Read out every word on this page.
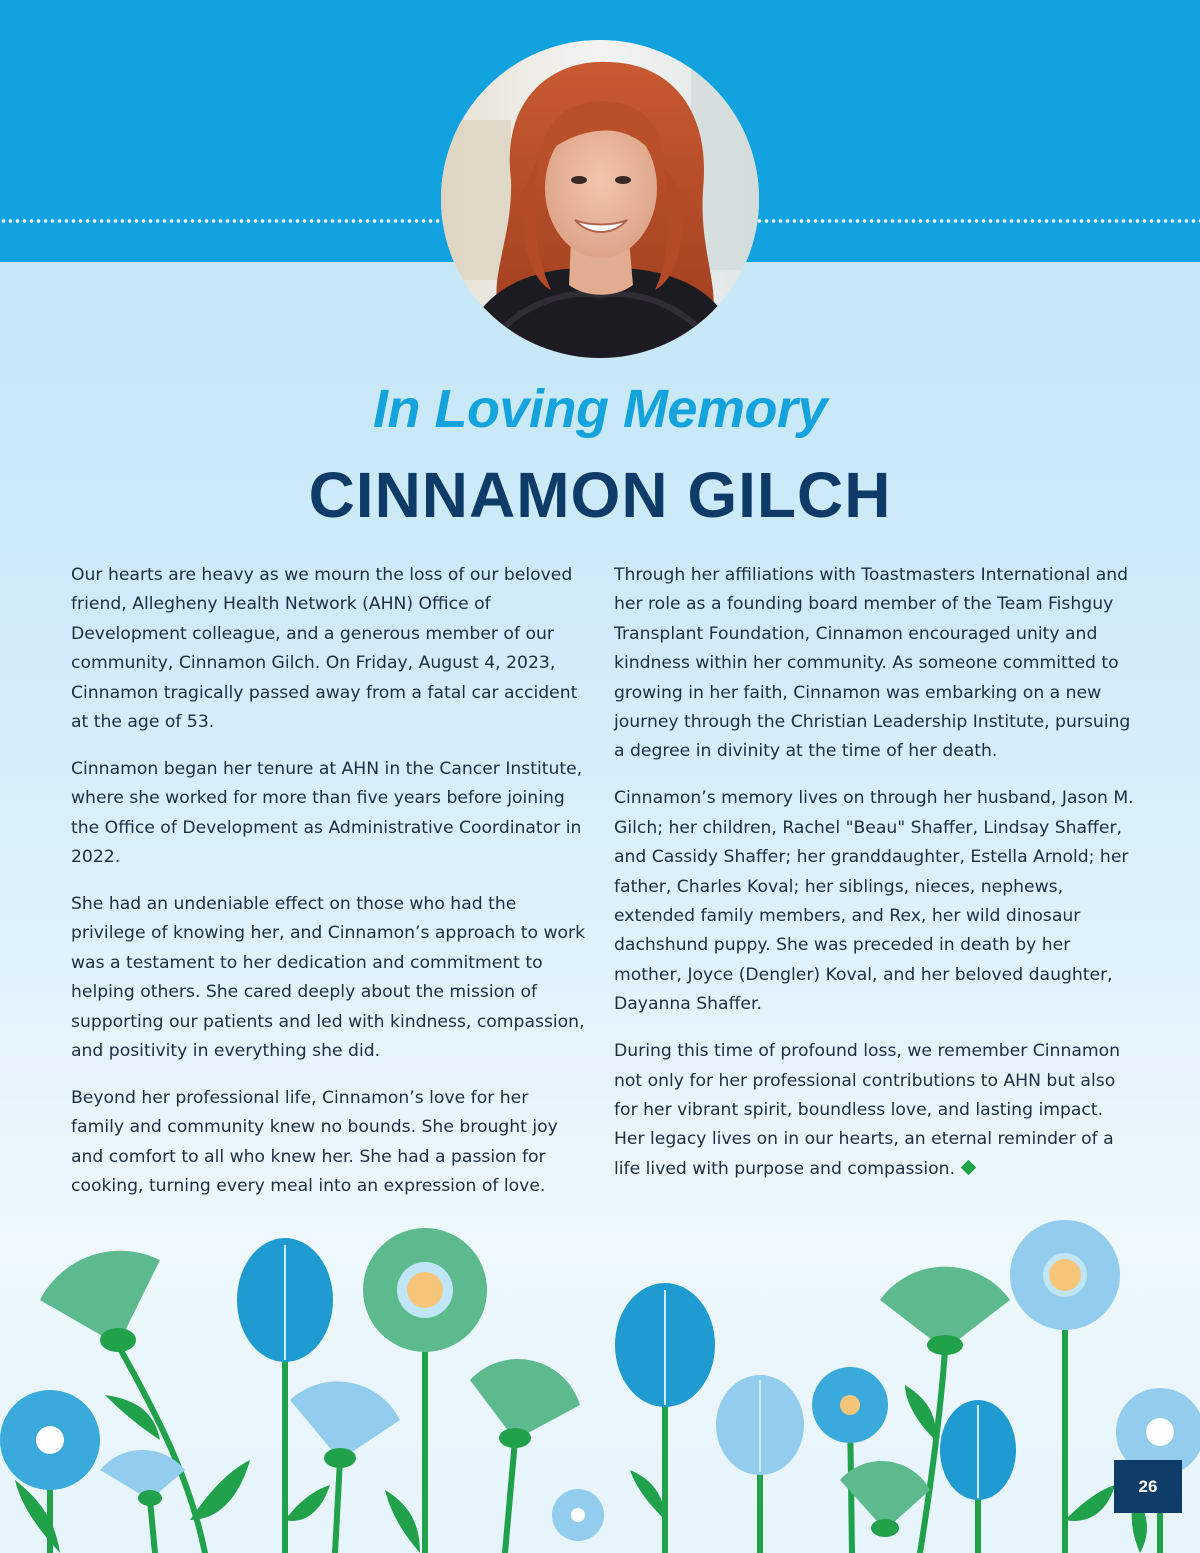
In Loving Memory
CINNAMON GILCH

Our hearts are heavy as we mourn the loss of our beloved friend, Allegheny Health Network (AHN) Office of Development colleague, and a generous member of our community, Cinnamon Gilch. On Friday, August 4, 2023, Cinnamon tragically passed away from a fatal car accident at the age of 53.

Cinnamon began her tenure at AHN in the Cancer Institute, where she worked for more than five years before joining the Office of Development as Administrative Coordinator in 2022.

She had an undeniable effect on those who had the privilege of knowing her, and Cinnamon’s approach to work was a testament to her dedication and commitment to helping others. She cared deeply about the mission of supporting our patients and led with kindness, compassion, and positivity in everything she did.

Beyond her professional life, Cinnamon’s love for her family and community knew no bounds. She brought joy and comfort to all who knew her. She had a passion for cooking, turning every meal into an expression of love.

Through her affiliations with Toastmasters International and her role as a founding board member of the Team Fishguy Transplant Foundation, Cinnamon encouraged unity and kindness within her community. As someone committed to growing in her faith, Cinnamon was embarking on a new journey through the Christian Leadership Institute, pursuing a degree in divinity at the time of her death.

Cinnamon’s memory lives on through her husband, Jason M. Gilch; her children, Rachel "Beau" Shaffer, Lindsay Shaffer, and Cassidy Shaffer; her granddaughter, Estella Arnold; her father, Charles Koval; her siblings, nieces, nephews, extended family members, and Rex, her wild dinosaur dachshund puppy. She was preceded in death by her mother, Joyce (Dengler) Koval, and her beloved daughter, Dayanna Shaffer.

During this time of profound loss, we remember Cinnamon not only for her professional contributions to AHN but also for her vibrant spirit, boundless love, and lasting impact. Her legacy lives on in our hearts, an eternal reminder of a life lived with purpose and compassion.

26
